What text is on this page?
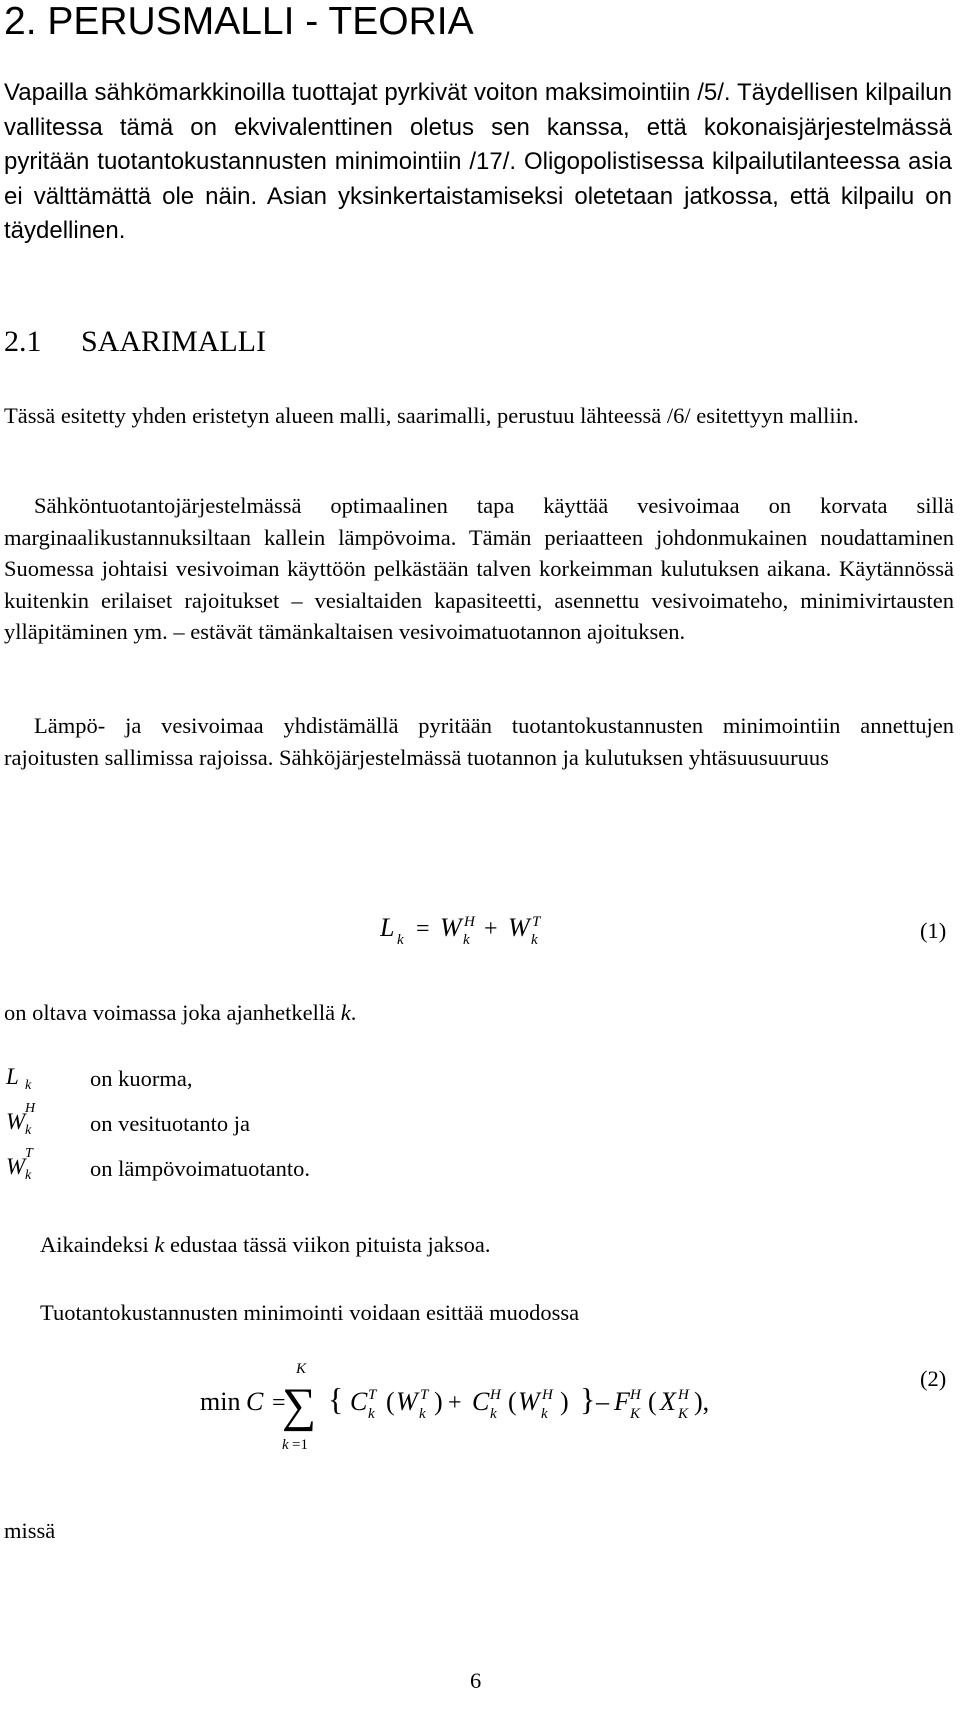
2. PERUSMALLI - TEORIA
Vapailla sähkömarkkinoilla tuottajat pyrkivät voiton maksimointiin /5/. Täydellisen kilpailun vallitessa tämä on ekvivalenttinen oletus sen kanssa, että kokonaisjärjestelmässä pyritään tuotantokustannusten minimointiin /17/. Oligopolistisessa kilpailutilanteessa asia ei välttämättä ole näin. Asian yksinkertaistamiseksi oletetaan jatkossa, että kilpailu on täydellinen.
2.1 SAARIMALLI
Tässä esitetty yhden eristetyn alueen malli, saarimalli, perustuu lähteessä /6/ esitettyyn malliin.
Sähköntuotantojärjestelmässä optimaalinen tapa käyttää vesivoimaa on korvata sillä marginaalikustannuksiltaan kallein lämpövoima. Tämän periaatteen johdonmukainen noudattaminen Suomessa johtaisi vesivoiman käyttöön pelkästään talven korkeimman kulutuksen aikana. Käytännössä kuitenkin erilaiset rajoitukset – vesialtaiden kapasiteetti, asennettu vesivoimateho, minimivirtausten ylläpitäminen ym. – estävät tämänkaltaisen vesivoimatuotannon ajoituksen.
Lämpö- ja vesivoimaa yhdistämällä pyritään tuotantokustannusten minimointiin annettujen rajoitusten sallimissa rajoissa. Sähköjärjestelmässä tuotannon ja kulutuksen yhtäsuusuuruus
L k = W k
H + W k
T	(1)
on oltava voimassa joka ajanhetkellä k.
L k	on kuorma,
W
H
k	on vesituotanto ja
W
T
k	on lämpövoimatuotanto.
Aikaindeksi k edustaa tässä viikon pituista jaksoa.
Tuotantokustannusten minimointi voidaan esittää muodossa
min C =
K
∑
k =1
{ C k
T ( W k
T ) + C k
H ( W k
H ) } – F K
H ( X K
H ),
(2)
missä
6
